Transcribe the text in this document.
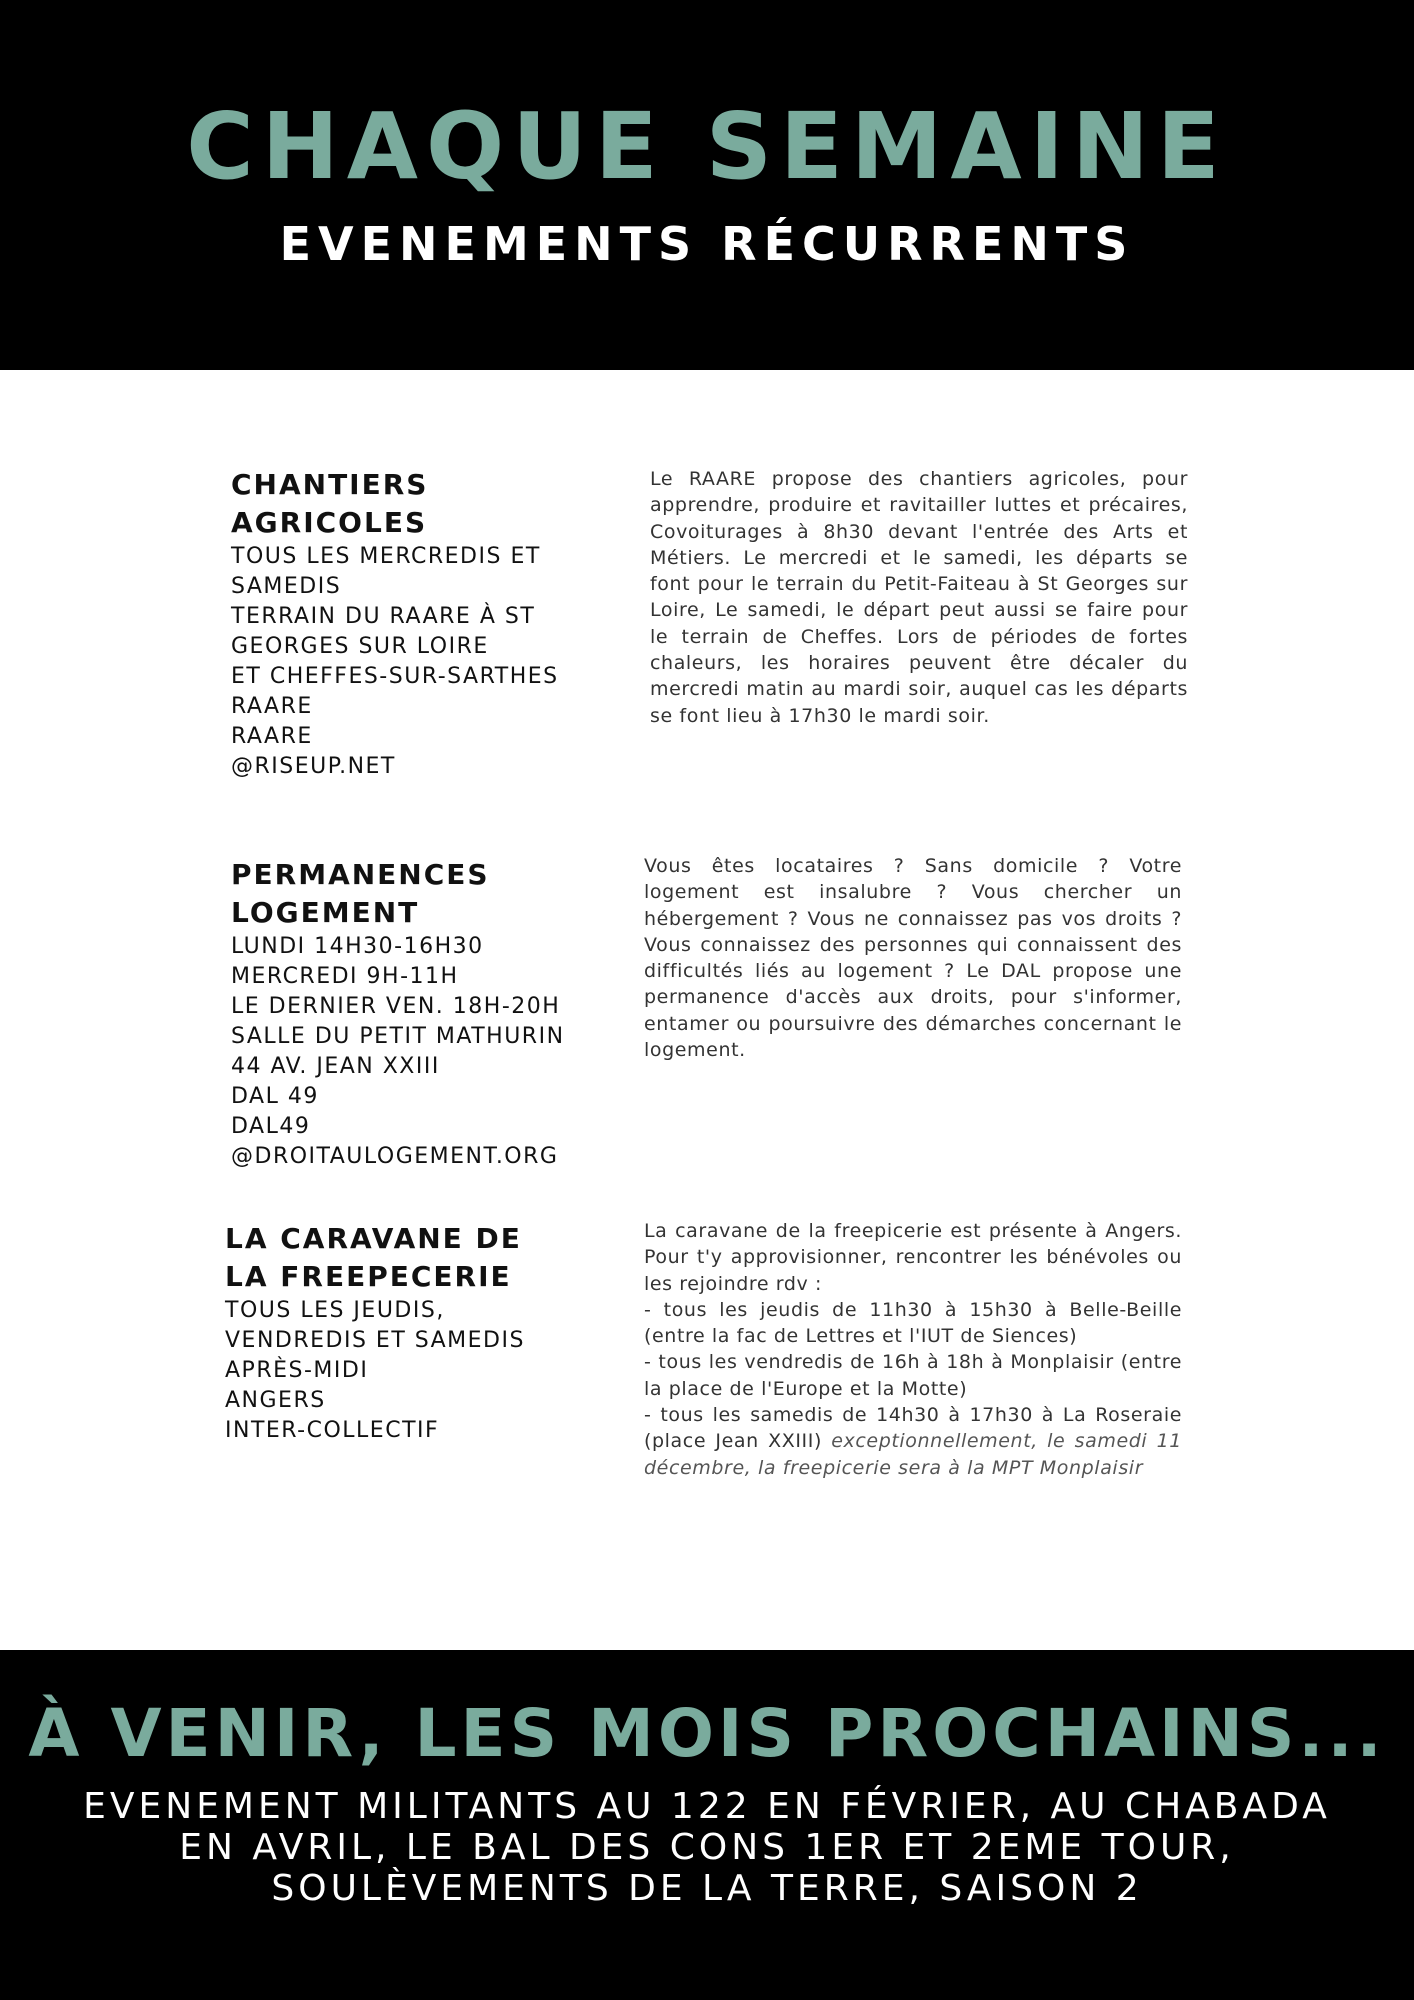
CHAQUE SEMAINE
EVENEMENTS RÉCURRENTS
CHANTIERS
AGRICOLES
TOUS LES MERCREDIS ET
SAMEDIS
TERRAIN DU RAARE À ST
GEORGES SUR LOIRE
ET CHEFFES-SUR-SARTHES
RAARE
RAARE
@RISEUP.NET

Le RAARE propose des chantiers agricoles, pour apprendre, produire et ravitailler luttes et précaires, Covoiturages à 8h30 devant l'entrée des Arts et Métiers. Le mercredi et le samedi, les départs se font pour le terrain du Petit-Faiteau à St Georges sur Loire, Le samedi, le départ peut aussi se faire pour le terrain de Cheffes. Lors de périodes de fortes chaleurs, les horaires peuvent être décaler du mercredi matin au mardi soir, auquel cas les départs se font lieu à 17h30 le mardi soir.

PERMANENCES
LOGEMENT
LUNDI 14H30-16H30
MERCREDI 9H-11H
LE DERNIER VEN. 18H-20H
SALLE DU PETIT MATHURIN
44 AV. JEAN XXIII
DAL 49
DAL49
@DROITAULOGEMENT.ORG

Vous êtes locataires ? Sans domicile ? Votre logement est insalubre ? Vous chercher un hébergement ? Vous ne connaissez pas vos droits ? Vous connaissez des personnes qui connaissent des difficultés liés au logement ? Le DAL propose une permanence d'accès aux droits, pour s'informer, entamer ou poursuivre des démarches concernant le logement.

LA CARAVANE DE
LA FREEPECERIE
TOUS LES JEUDIS,
VENDREDIS ET SAMEDIS
APRÈS-MIDI
ANGERS
INTER-COLLECTIF
La caravane de la freepicerie est présente à Angers. Pour t'y approvisionner, rencontrer les bénévoles ou les rejoindre rdv :
- tous les jeudis de 11h30 à 15h30 à Belle-Beille (entre la fac de Lettres et l'IUT de Siences)
- tous les vendredis de 16h à 18h à Monplaisir (entre la place de l'Europe et la Motte)
- tous les samedis de 14h30 à 17h30 à La Roseraie (place Jean XXIII) exceptionnellement, le samedi 11 décembre, la freepicerie sera à la MPT Monplaisir
À VENIR, LES MOIS PROCHAINS...

EVENEMENT MILITANTS AU 122 EN FÉVRIER, AU CHABADA
EN AVRIL, LE BAL DES CONS 1ER ET 2EME TOUR,
SOULÈVEMENTS DE LA TERRE, SAISON 2
